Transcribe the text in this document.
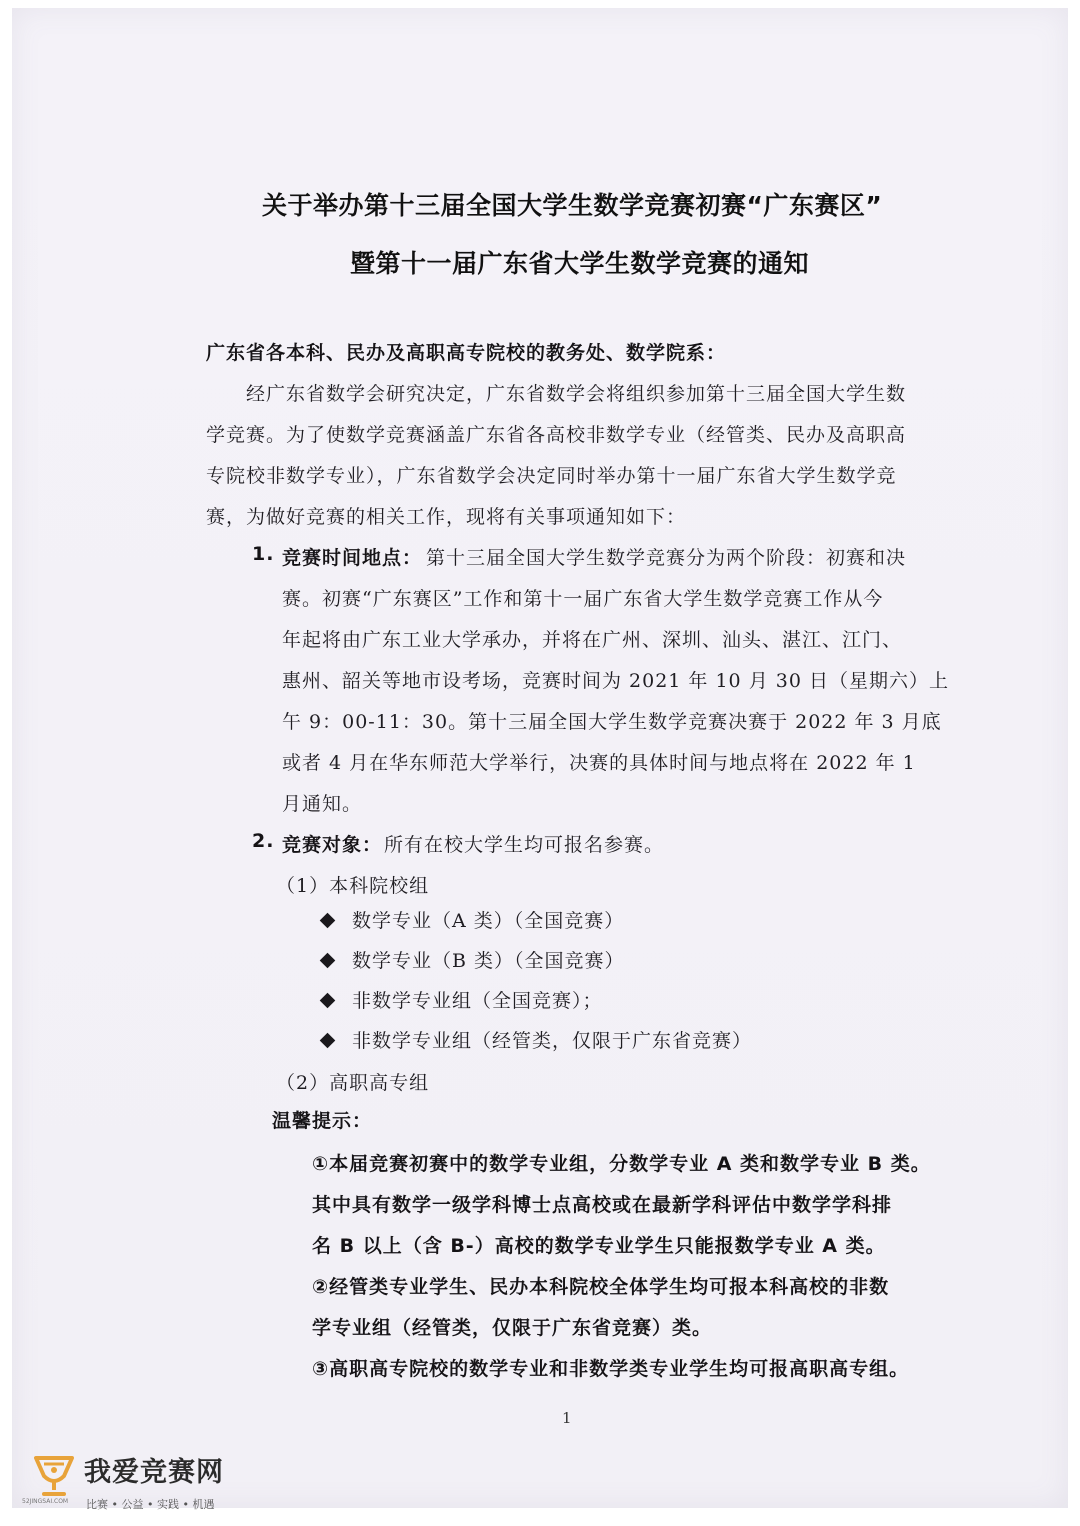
关于举办第十三届全国大学生数学竞赛初赛“广东赛区”
暨第十一届广东省大学生数学竞赛的通知
广东省各本科、民办及高职高专院校的教务处、数学院系：
经广东省数学会研究决定，广东省数学会将组织参加第十三届全国大学生数
学竞赛。为了使数学竞赛涵盖广东省各高校非数学专业（经管类、民办及高职高
专院校非数学专业），广东省数学会决定同时举办第十一届广东省大学生数学竞
赛，为做好竞赛的相关工作，现将有关事项通知如下：
1. 竞赛时间地点： 第十三届全国大学生数学竞赛分为两个阶段：初赛和决
赛。初赛“广东赛区”工作和第十一届广东省大学生数学竞赛工作从今
年起将由广东工业大学承办，并将在广州、深圳、汕头、湛江、江门、
惠州、韶关等地市设考场，竞赛时间为 2021 年 10 月 30 日（星期六）上
午 9：00-11：30。第十三届全国大学生数学竞赛决赛于 2022 年 3 月底
或者 4 月在华东师范大学举行，决赛的具体时间与地点将在 2022 年 1
月通知。
2. 竞赛对象： 所有在校大学生均可报名参赛。
（1）本科院校组
数学专业（A 类）（全国竞赛）
数学专业（B 类）（全国竞赛）
非数学专业组（全国竞赛）；
非数学专业组（经管类，仅限于广东省竞赛）
（2）高职高专组
温馨提示：
①本届竞赛初赛中的数学专业组，分数学专业 A 类和数学专业 B 类。
其中具有数学一级学科博士点高校或在最新学科评估中数学学科排
名 B 以上（含 B-）高校的数学专业学生只能报数学专业 A 类。
②经管类专业学生、民办本科院校全体学生均可报本科高校的非数
学专业组（经管类，仅限于广东省竞赛）类。
③高职高专院校的数学专业和非数学类专业学生均可报高职高专组。
1
我爱竞赛网
比赛 • 公益 • 实践 • 机遇
52JINGSAI.COM
